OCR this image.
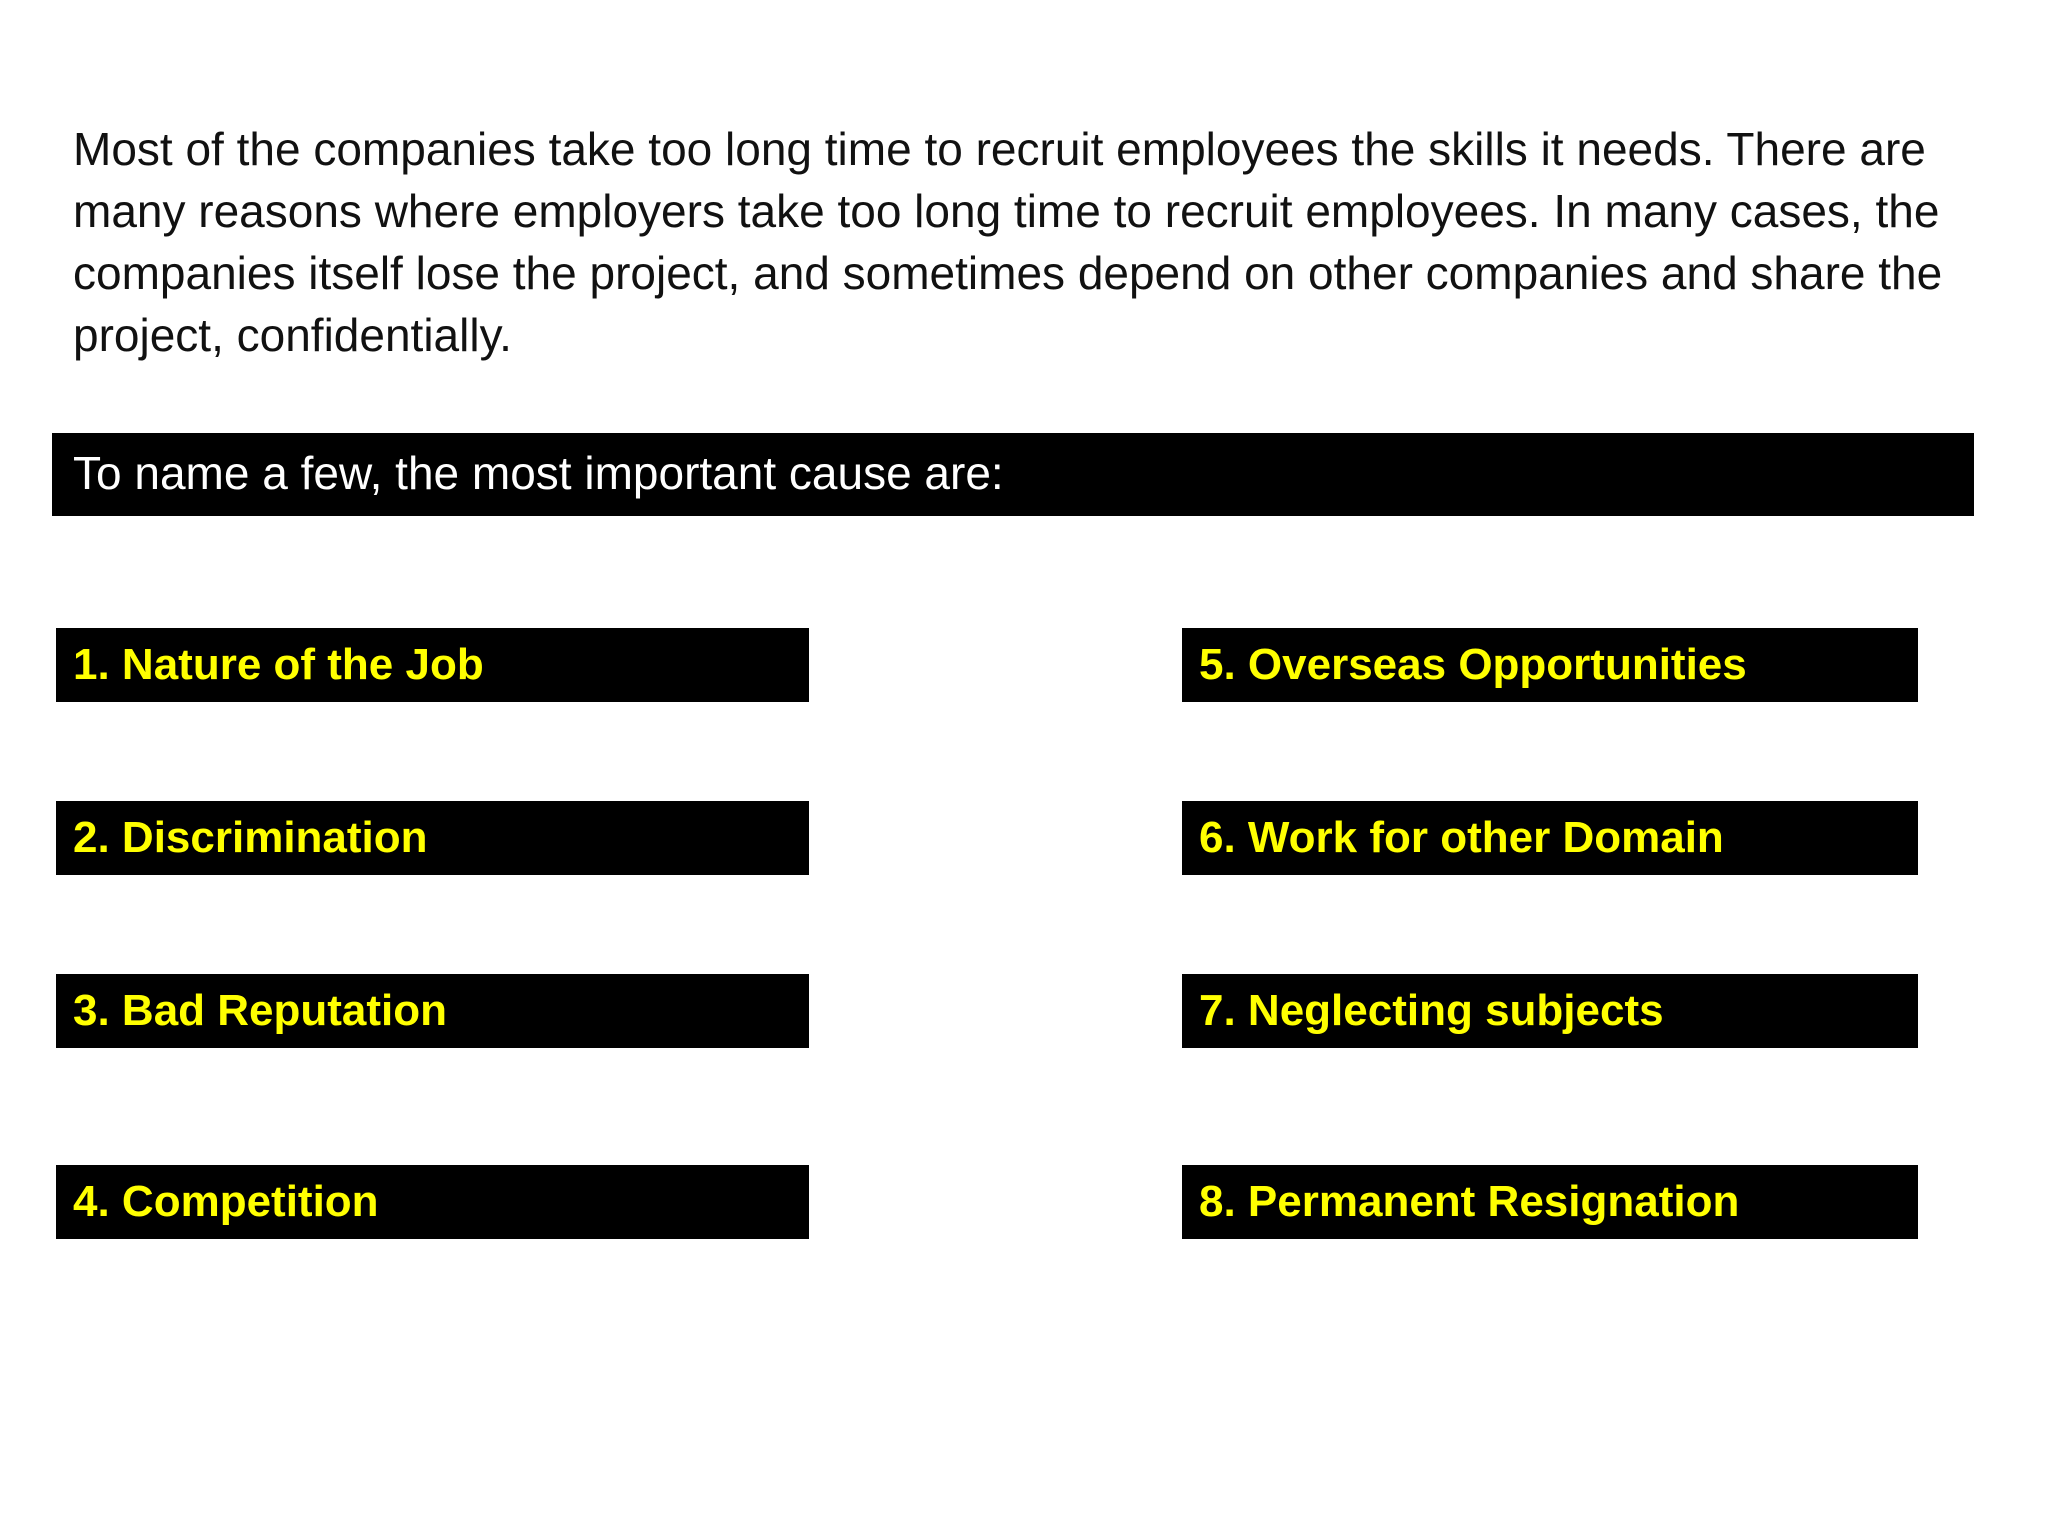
Most of the companies take too long time to recruit employees the skills it needs. There are many reasons where employers take too long time to recruit employees. In many cases, the companies itself lose the project, and sometimes depend on other companies and share the project, confidentially.

To name a few, the most important cause are:
1. Nature of the Job
2. Discrimination
3. Bad Reputation
4. Competition
5. Overseas Opportunities
6. Work for other Domain
7. Neglecting subjects
8. Permanent Resignation
